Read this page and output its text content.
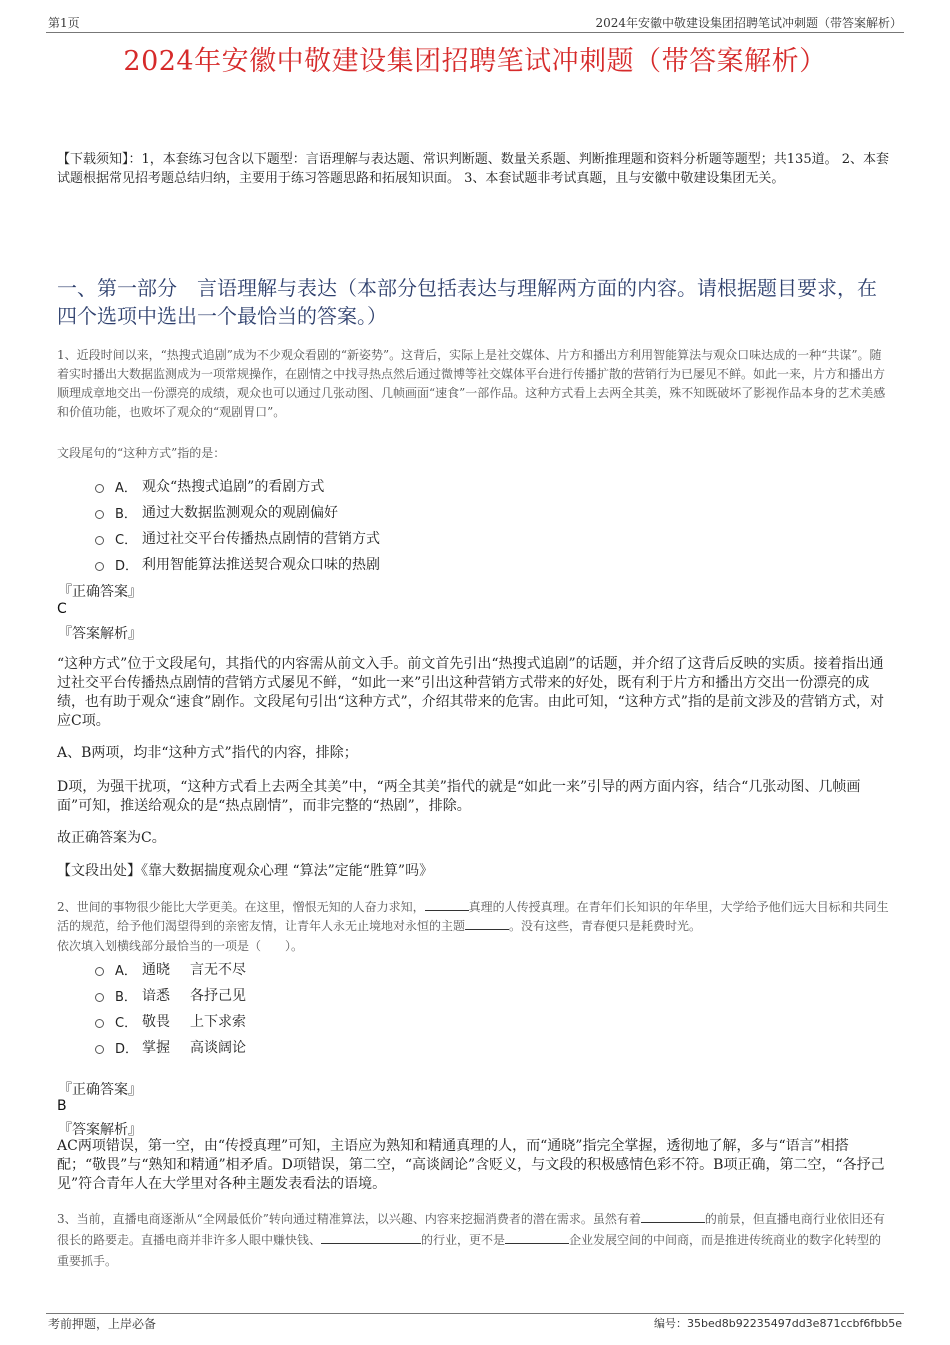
第1页	2024年安徽中敬建设集团招聘笔试冲刺题（带答案解析）
2024年安徽中敬建设集团招聘笔试冲刺题（带答案解析）
【下载须知】：1，本套练习包含以下题型：言语理解与表达题、常识判断题、数量关系题、判断推理题和资料分析题等题型；共135道。 2、本套试题根据常见招考题总结归纳，主要用于练习答题思路和拓展知识面。 3、本套试题非考试真题，且与安徽中敬建设集团无关。
一、第一部分　言语理解与表达（本部分包括表达与理解两方面的内容。请根据题目要求，在四个选项中选出一个最恰当的答案。）
1、近段时间以来，“热搜式追剧”成为不少观众看剧的“新姿势”。这背后，实际上是社交媒体、片方和播出方利用智能算法与观众口味达成的一种“共谋”。随着实时播出大数据监测成为一项常规操作，在剧情之中找寻热点然后通过微博等社交媒体平台进行传播扩散的营销行为已屡见不鲜。如此一来，片方和播出方顺理成章地交出一份漂亮的成绩，观众也可以通过几张动图、几帧画面“速食”一部作品。这种方式看上去两全其美，殊不知既破坏了影视作品本身的艺术美感和价值功能，也败坏了观众的“观剧胃口”。
文段尾句的“这种方式”指的是：
A． 观众“热搜式追剧”的看剧方式
B． 通过大数据监测观众的观剧偏好
C． 通过社交平台传播热点剧情的营销方式
D． 利用智能算法推送契合观众口味的热剧
『正确答案』
C
『答案解析』
“这种方式”位于文段尾句，其指代的内容需从前文入手。前文首先引出“热搜式追剧”的话题，并介绍了这背后反映的实质。接着指出通过社交平台传播热点剧情的营销方式屡见不鲜，“如此一来”引出这种营销方式带来的好处，既有利于片方和播出方交出一份漂亮的成绩，也有助于观众“速食”剧作。文段尾句引出“这种方式”，介绍其带来的危害。由此可知，“这种方式”指的是前文涉及的营销方式，对应C项。
A、B两项，均非“这种方式”指代的内容，排除；
D项，为强干扰项，“这种方式看上去两全其美”中，“两全其美”指代的就是“如此一来”引导的两方面内容，结合“几张动图、几帧画面”可知，推送给观众的是“热点剧情”，而非完整的“热剧”，排除。
故正确答案为C。
【文段出处】《靠大数据揣度观众心理 “算法”定能“胜算”吗》
2、世间的事物很少能比大学更美。在这里，憎恨无知的人奋力求知，	真理的人传授真理。在青年们长知识的年华里，大学给予他们远大目标和共同生活的规范，给予他们渴望得到的亲密友情，让青年人永无止境地对永恒的主题	。没有这些，青春便只是耗费时光。
依次填入划横线部分最恰当的一项是（　　）。
A． 通晓 言无不尽
B． 谙悉 各抒己见
C． 敬畏 上下求索
D． 掌握 高谈阔论
『正确答案』
B
『答案解析』
AC两项错误，第一空，由“传授真理”可知，主语应为熟知和精通真理的人，而“通晓”指完全掌握，透彻地了解，多与“语言”相搭配；“敬畏”与“熟知和精通”相矛盾。D项错误，第二空，“高谈阔论”含贬义，与文段的积极感情色彩不符。B项正确，第二空，“各抒己见”符合青年人在大学里对各种主题发表看法的语境。
3、当前，直播电商逐渐从“全网最低价”转向通过精准算法，以兴趣、内容来挖掘消费者的潜在需求。虽然有着	的前景，但直播电商行业依旧还有很长的路要走。直播电商并非许多人眼中赚快钱、	的行业，更不是	企业发展空间的中间商，而是推进传统商业的数字化转型的重要抓手。
考前押题，上岸必备	编号：35bed8b92235497dd3e871ccbf6fbb5e
